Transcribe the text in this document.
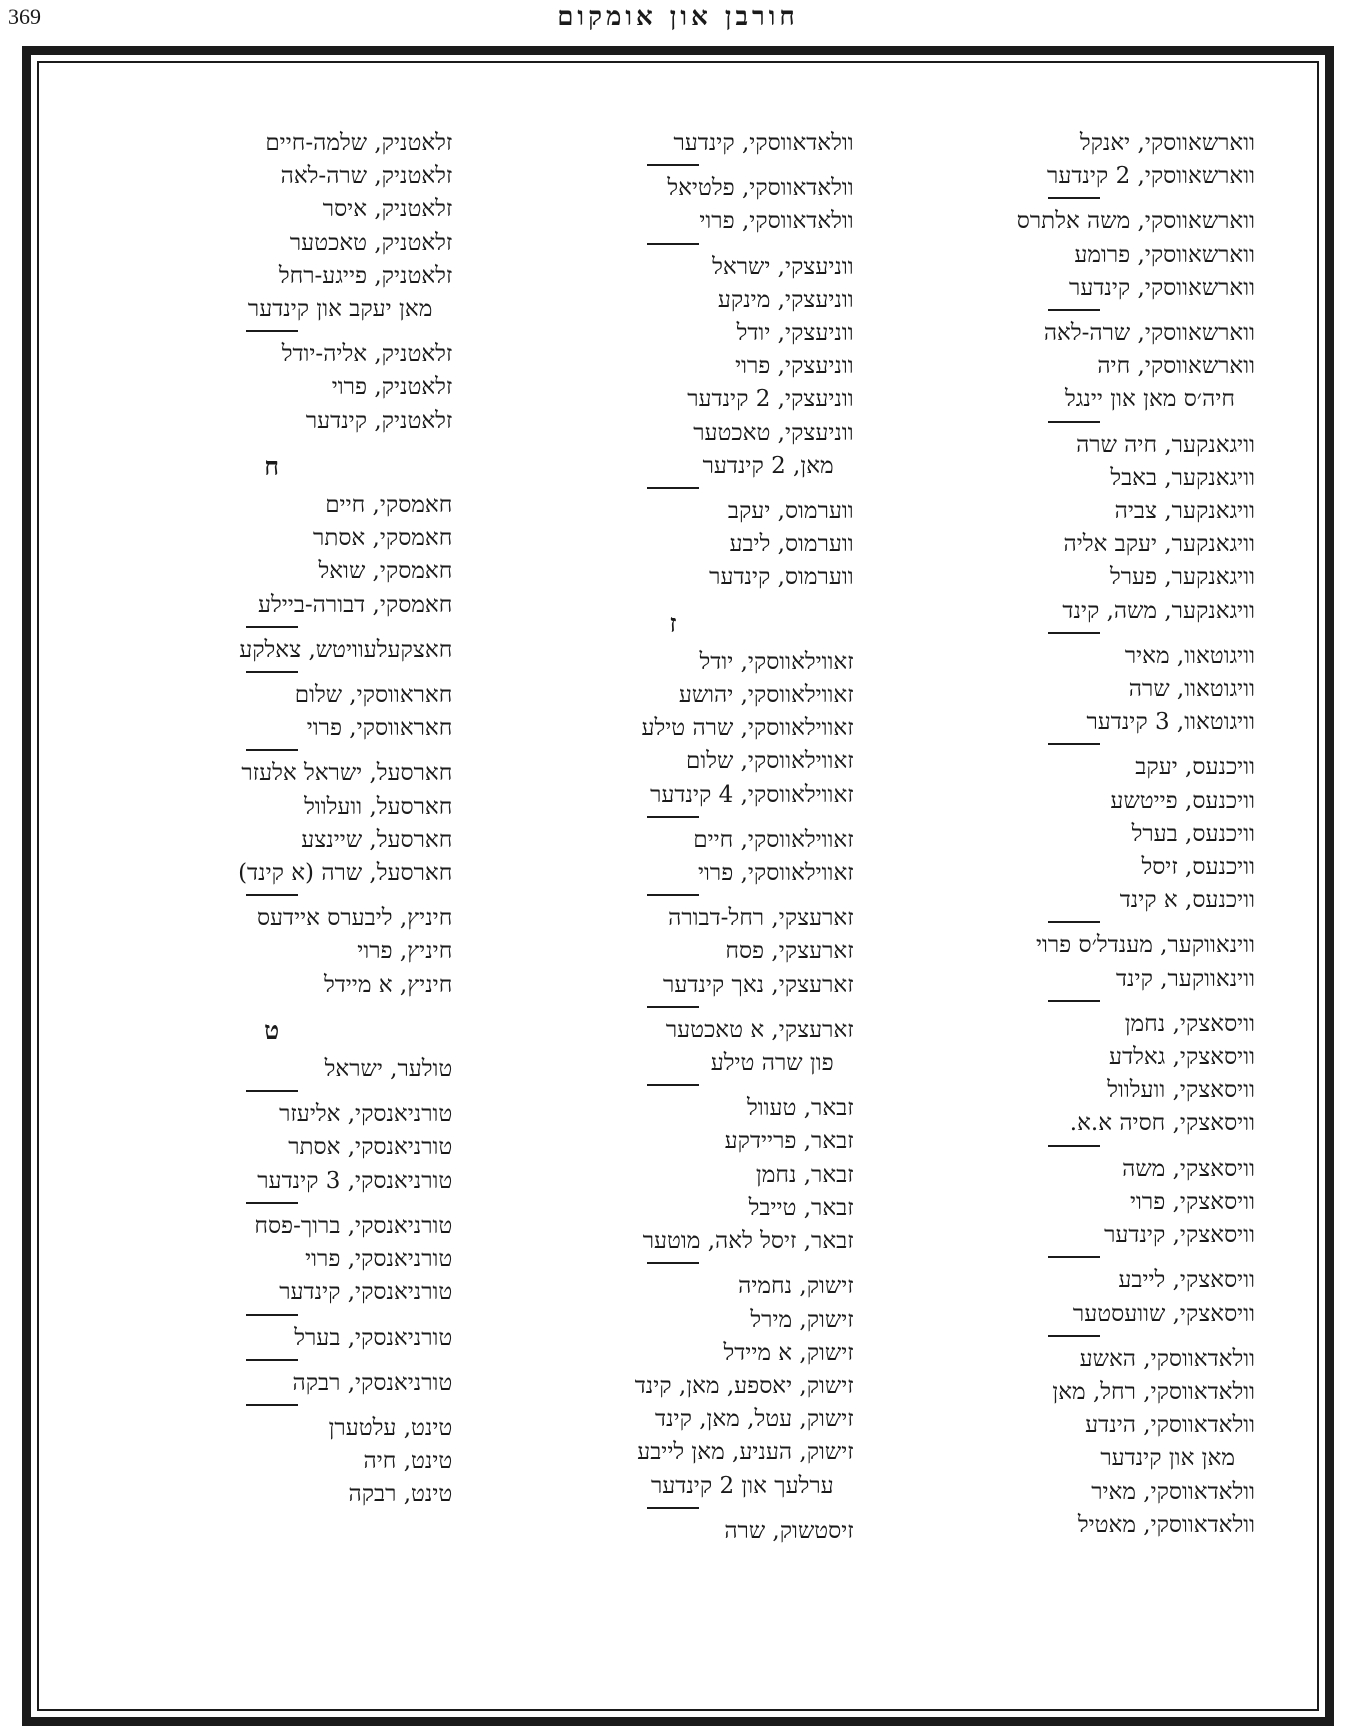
369	חורבן און אומקום
ווארשאווסקי, יאנקל
ווארשאווסקי, 2 קינדער
ווארשאווסקי, משה אלתרס
ווארשאווסקי, פרומע
ווארשאווסקי, קינדער
ווארשאווסקי, שרה-לאה
ווארשאווסקי, חיה
חיה׳ס מאן און יינגל
וויגאנקער, חיה שרה
וויגאנקער, באבל
וויגאנקער, צביה
וויגאנקער, יעקב אליה
וויגאנקער, פערל
וויגאנקער, משה, קינד
וויגוטאוו, מאיר
וויגוטאוו, שרה
וויגוטאוו, 3 קינדער
וויכנעס, יעקב
וויכנעס, פייטשע
וויכנעס, בערל
וויכנעס, זיסל
וויכנעס, א קינד
ווינאווקער, מענדל׳ס פרוי
ווינאווקער, קינד
וויסאצקי, נחמן
וויסאצקי, גאלדע
וויסאצקי, וועלוול
וויסאצקי, חסיה א.א.
וויסאצקי, משה
וויסאצקי, פרוי
וויסאצקי, קינדער
וויסאצקי, לייבע
וויסאצקי, שוועסטער
וולאדאווסקי, האשע
וולאדאווסקי, רחל, מאן
וולאדאווסקי, הינדע
מאן און קינדער
וולאדאווסקי, מאיר
וולאדאווסקי, מאטיל
וולאדאווסקי, קינדער
וולאדאווסקי, פלטיאל
וולאדאווסקי, פרוי
ווניעצקי, ישראל
ווניעצקי, מינקע
ווניעצקי, יודל
ווניעצקי, פרוי
ווניעצקי, 2 קינדער
ווניעצקי, טאכטער
מאן, 2 קינדער
ווערמוס, יעקב
ווערמוס, ליבע
ווערמוס, קינדער
ז
זאווילאווסקי, יודל
זאווילאווסקי, יהושע
זאווילאווסקי, שרה טילע
זאווילאווסקי, שלום
זאווילאווסקי, 4 קינדער
זאווילאווסקי, חיים
זאווילאווסקי, פרוי
זארעצקי, רחל-דבורה
זארעצקי, פסח
זארעצקי, נאך קינדער
זארעצקי, א טאכטער
פון שרה טילע
זבאר, טעוול
זבאר, פריידקע
זבאר, נחמן
זבאר, טייבל
זבאר, זיסל לאה, מוטער
זישוק, נחמיה
זישוק, מירל
זישוק, א מיידל
זישוק, יאספע, מאן, קינד
זישוק, עטל, מאן, קינד
זישוק, העניע, מאן לייבע
ערלעך און 2 קינדער
זיסטשוק, שרה
זלאטניק, שלמה-חיים
זלאטניק, שרה-לאה
זלאטניק, איסר
זלאטניק, טאכטער
זלאטניק, פייגע-רחל
מאן יעקב און קינדער
זלאטניק, אליה-יודל
זלאטניק, פרוי
זלאטניק, קינדער
ח
חאמסקי, חיים
חאמסקי, אסתר
חאמסקי, שואל
חאמסקי, דבורה-ביילע
חאצקעלעוויטש, צאלקע
חאראווסקי, שלום
חאראווסקי, פרוי
חארסעל, ישראל אלעזר
חארסעל, וועלוול
חארסעל, שיינצע
חארסעל, שרה (א קינד)
חיניץ, ליבערס איידעס
חיניץ, פרוי
חיניץ, א מיידל
ט
טולער, ישראל
טורניאנסקי, אליעזר
טורניאנסקי, אסתר
טורניאנסקי, 3 קינדער
טורניאנסקי, ברוך-פסח
טורניאנסקי, פרוי
טורניאנסקי, קינדער
טורניאנסקי, בערל
טורניאנסקי, רבקה
טינט, עלטערן
טינט, חיה
טינט, רבקה
